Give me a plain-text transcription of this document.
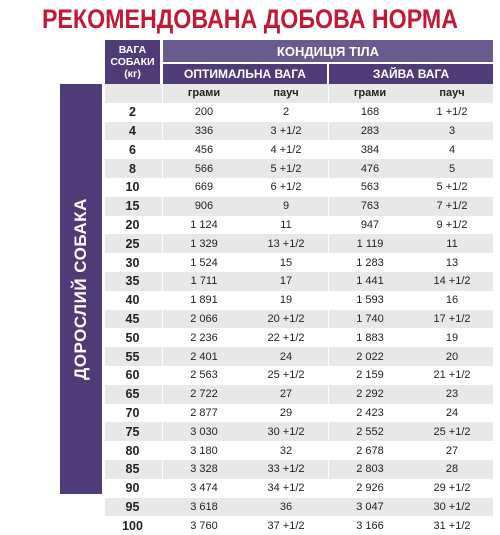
РЕКОМЕНДОВАНА ДОБОВА НОРМА
ВАГА
СОБАКИ
(кг)
КОНДИЦІЯ ТІЛА
ОПТИМАЛЬНА ВАГА	ЗАЙВА ВАГА
ДОРОСЛИЙ СОБАКА
грами	пауч	грами	пауч
2	200	2	168	1 +1/2
4	336	3 +1/2	283	3
6	456	4 +1/2	384	4
8	566	5 +1/2	476	5
10	669	6 +1/2	563	5 +1/2
15	906	9	763	7 +1/2
20	1 124	11	947	9 +1/2
25	1 329	13 +1/2	1 119	11
30	1 524	15	1 283	13
35	1 711	17	1 441	14 +1/2
40	1 891	19	1 593	16
45	2 066	20 +1/2	1 740	17 +1/2
50	2 236	22 +1/2	1 883	19
55	2 401	24	2 022	20
60	2 563	25 +1/2	2 159	21 +1/2
65	2 722	27	2 292	23
70	2 877	29	2 423	24
75	3 030	30 +1/2	2 552	25 +1/2
80	3 180	32	2 678	27
85	3 328	33 +1/2	2 803	28
90	3 474	34 +1/2	2 926	29 +1/2
95	3 618	36	3 047	30 +1/2
100	3 760	37 +1/2	3 166	31 +1/2
